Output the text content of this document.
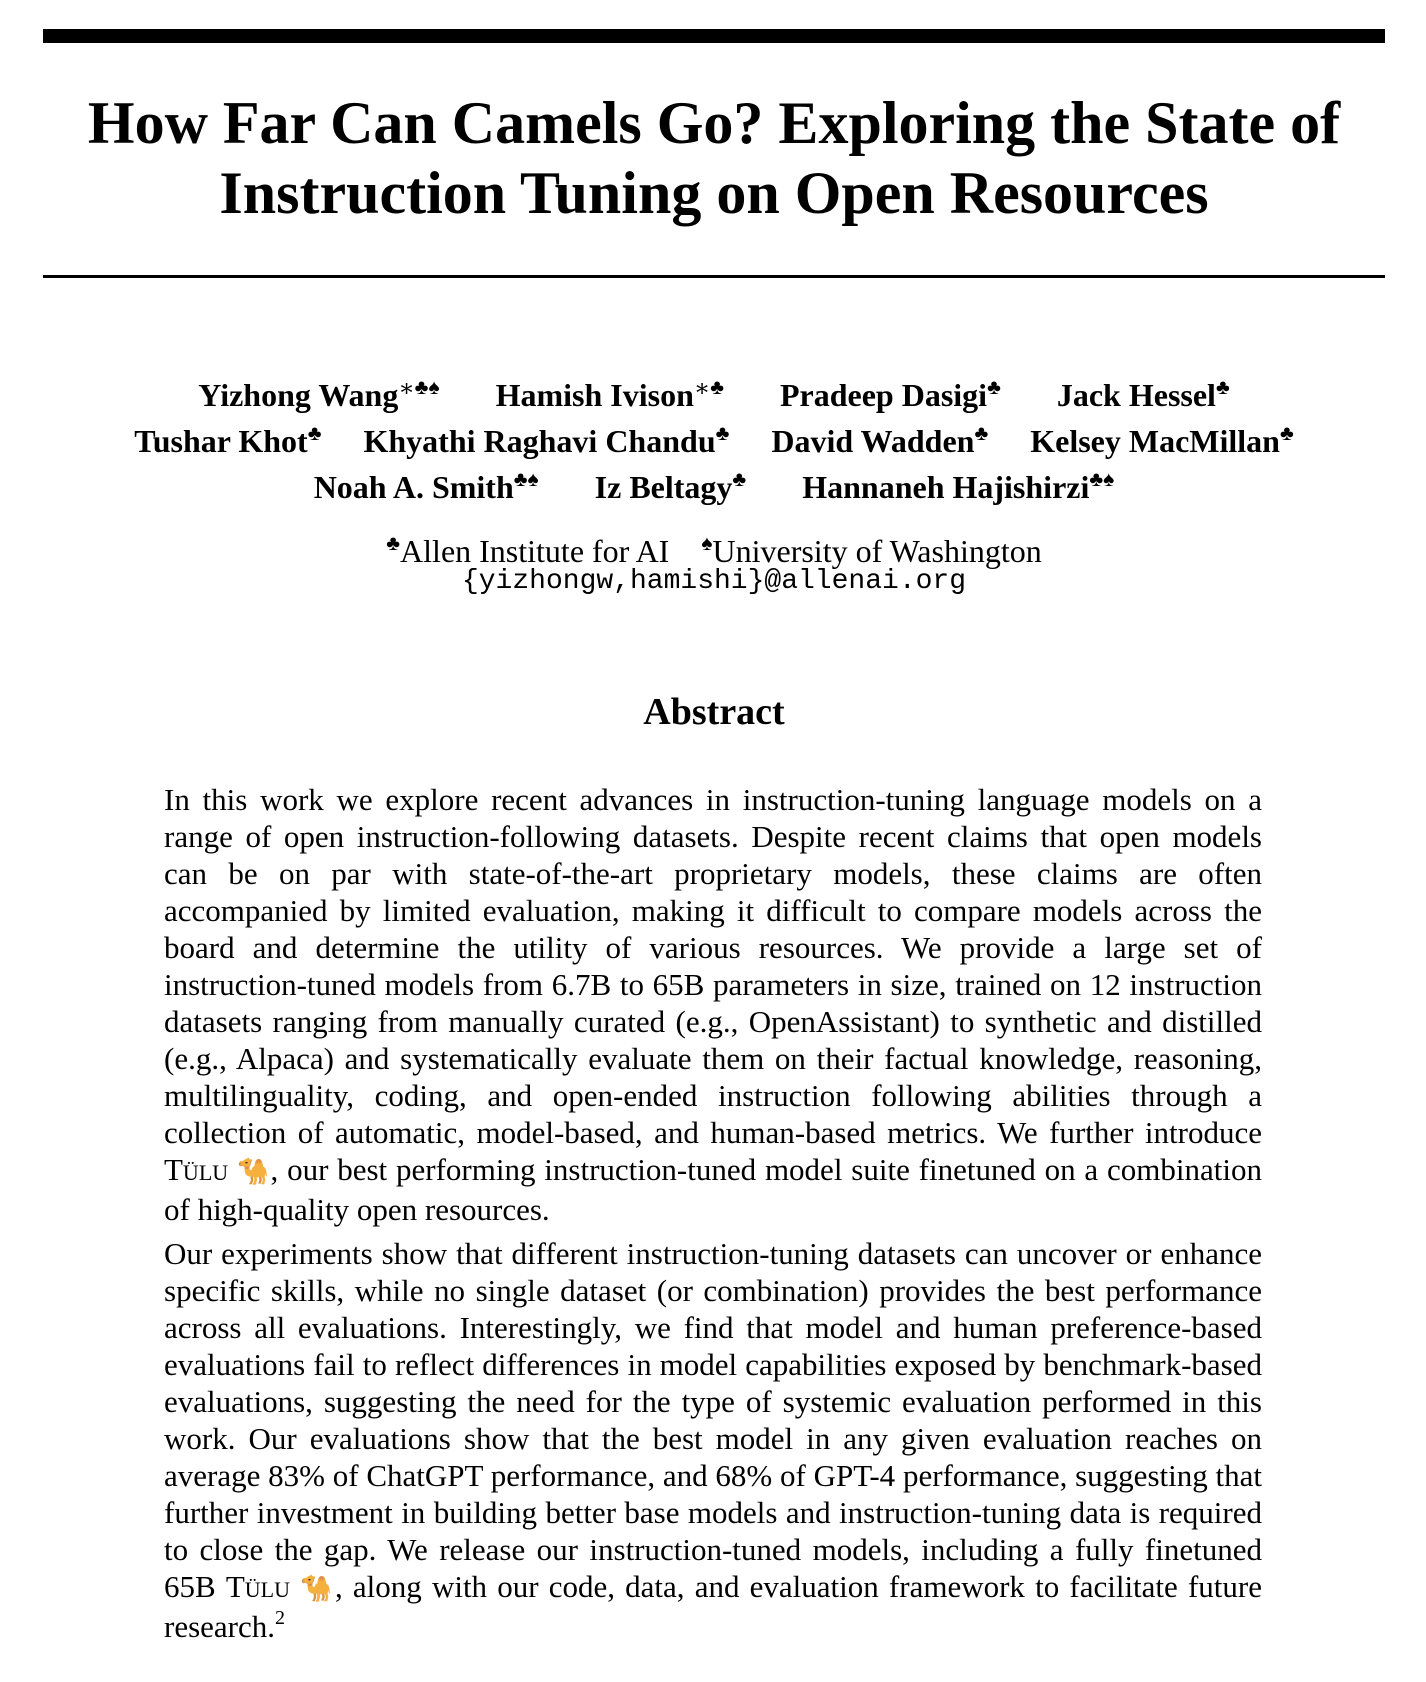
How Far Can Camels Go? Exploring the State of
Instruction Tuning on Open Resources
Yizhong Wang∗♣♠ Hamish Ivison∗♣ Pradeep Dasigi♣ Jack Hessel♣
Tushar Khot♣ Khyathi Raghavi Chandu♣ David Wadden♣ Kelsey MacMillan♣
Noah A. Smith♣♠ Iz Beltagy♣ Hannaneh Hajishirzi♣♠
♣Allen Institute for AI ♠University of Washington
{yizhongw,hamishi}@allenai.org
Abstract

In this work we explore recent advances in instruction-tuning language models on a range of open instruction-following datasets. Despite recent claims that open models can be on par with state-of-the-art proprietary models, these claims are often accompanied by limited evaluation, making it difficult to compare models across the board and determine the utility of various resources. We provide a large set of instruction-tuned models from 6.7B to 65B parameters in size, trained on 12 instruction datasets ranging from manually curated (e.g., OpenAssistant) to synthetic and distilled (e.g., Alpaca) and systematically evaluate them on their factual knowledge, reasoning, multilinguality, coding, and open-ended instruction following abilities through a collection of automatic, model-based, and human-based metrics. We further introduce Tülu 🐪, our best performing instruction-tuned model suite finetuned on a combination of high-quality open resources.

Our experiments show that different instruction-tuning datasets can uncover or enhance specific skills, while no single dataset (or combination) provides the best performance across all evaluations. Interestingly, we find that model and human preference-based evaluations fail to reflect differences in model capabilities exposed by benchmark-based evaluations, suggesting the need for the type of systemic evaluation performed in this work. Our evaluations show that the best model in any given evaluation reaches on average 83% of ChatGPT performance, and 68% of GPT-4 performance, suggesting that further investment in building better base models and instruction-tuning data is required to close the gap. We release our instruction-tuned models, including a fully finetuned 65B Tülu 🐪, along with our code, data, and evaluation framework to facilitate future research.$^2$
